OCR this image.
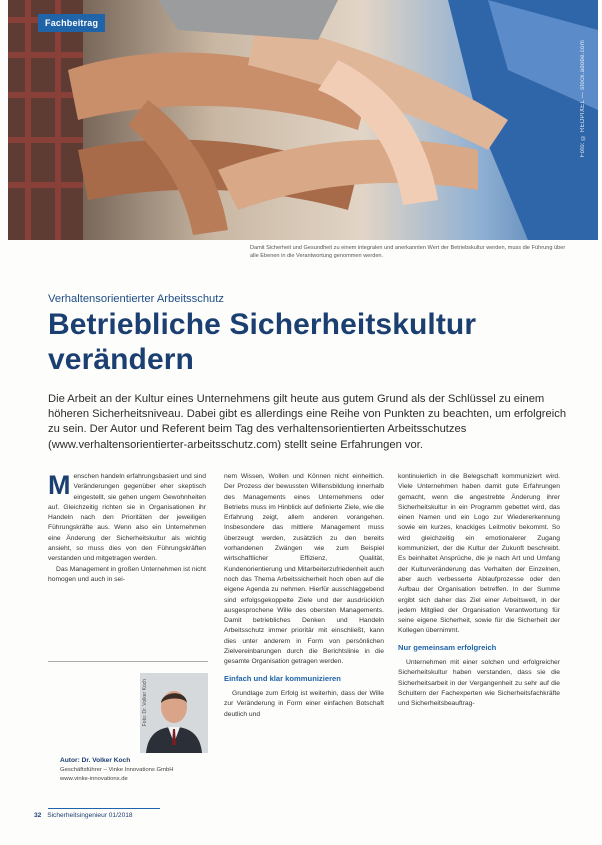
Fachbeitrag
Foto: © REDPIXEL — stock.adobe.com
Damit Sicherheit und Gesundheit zu einem integralen und anerkannten Wert der Betriebskultur werden, muss die Führung über alle Ebenen in die Verantwortung genommen werden.
Verhaltensorientierter Arbeitsschutz
Betriebliche Sicherheitskultur
verändern
Die Arbeit an der Kultur eines Unternehmens gilt heute aus gutem Grund als der Schlüssel zu einem höheren Sicherheitsniveau. Dabei gibt es allerdings eine Reihe von Punkten zu beachten, um erfolgreich zu sein. Der Autor und Referent beim Tag des verhaltensorientierten Arbeitsschutzes (www.verhaltensorientierter-arbeitsschutz.com) stellt seine Erfahrungen vor.

Menschen handeln erfahrungsbasiert und sind Veränderungen gegenüber eher skeptisch eingestellt, sie gehen ungern Gewohnheiten auf. Gleichzeitig richten sie in Organisationen ihr Handeln nach den Prioritäten der jeweiligen Führungskräfte aus. Wenn also ein Unternehmen eine Änderung der Sicherheitskultur als wichtig ansieht, so muss dies von den Führungskräften verstanden und mitgetragen werden.

Das Management in großen Unternehmen ist nicht homogen und auch in sei-

nem Wissen, Wollen und Können nicht einheitlich. Der Prozess der bewussten Willensbildung innerhalb des Managements eines Unternehmens oder Betriebs muss im Hinblick auf definierte Ziele, wie die Erfahrung zeigt, allem anderen vorangehen. Insbesondere das mittlere Management muss überzeugt werden, zusätzlich zu den bereits vorhandenen Zwängen wie zum Beispiel wirtschaftlicher Effizienz, Qualität, Kundenorientierung und Mitarbeiterzufriedenheit auch noch das Thema Arbeitssicherheit hoch oben auf die eigene Agenda zu nehmen. Hierfür ausschlaggebend sind erfolgsgekoppelte Ziele und der ausdrücklich ausgesprochene Wille des obersten Managements. Damit betriebliches Denken und Handeln Arbeitsschutz immer prioritär mit einschließt, kann dies unter anderem in Form von persönlichen Zielvereinbarungen durch die Berichtslinie in die gesamte Organisation getragen werden.

Einfach und klar kommunizieren

Grundlage zum Erfolg ist weiterhin, dass der Wille zur Veränderung in Form einer einfachen Botschaft deutlich und

kontinuierlich in die Belegschaft kommuniziert wird. Viele Unternehmen haben damit gute Erfahrungen gemacht, wenn die angestrebte Änderung ihrer Sicherheitskultur in ein Programm gebettet wird, das einen Namen und ein Logo zur Wiedererkennung sowie ein kurzes, knackiges Leitmotiv bekommt. So wird gleichzeitig ein emotionalerer Zugang kommuniziert, der die Kultur der Zukunft beschreibt. Es beinhaltet Ansprüche, die je nach Art und Umfang der Kulturveränderung das Verhalten der Einzelnen, aber auch verbesserte Ablaufprozesse oder den Aufbau der Organisation betreffen. In der Summe ergibt sich daher das Ziel einer Arbeitswelt, in der jedem Mitglied der Organisation Verantwortung für seine eigene Sicherheit, sowie für die Sicherheit der Kollegen übernimmt.

Nur gemeinsam erfolgreich

Unternehmen mit einer solchen und erfolgreicher Sicherheitskultur haben verstanden, dass sie die Sicherheitsarbeit in der Vergangenheit zu sehr auf die Schultern der Fachexperten wie Sicherheitsfachkräfte und Sicherheitsbeauftrag-

Foto: Dr. Volker Koch
Autor: Dr. Volker Koch
Geschäftsführer – Vinke Innovations GmbH
www.vinke-innovations.de
32 Sicherheitsingenieur 01/2018
